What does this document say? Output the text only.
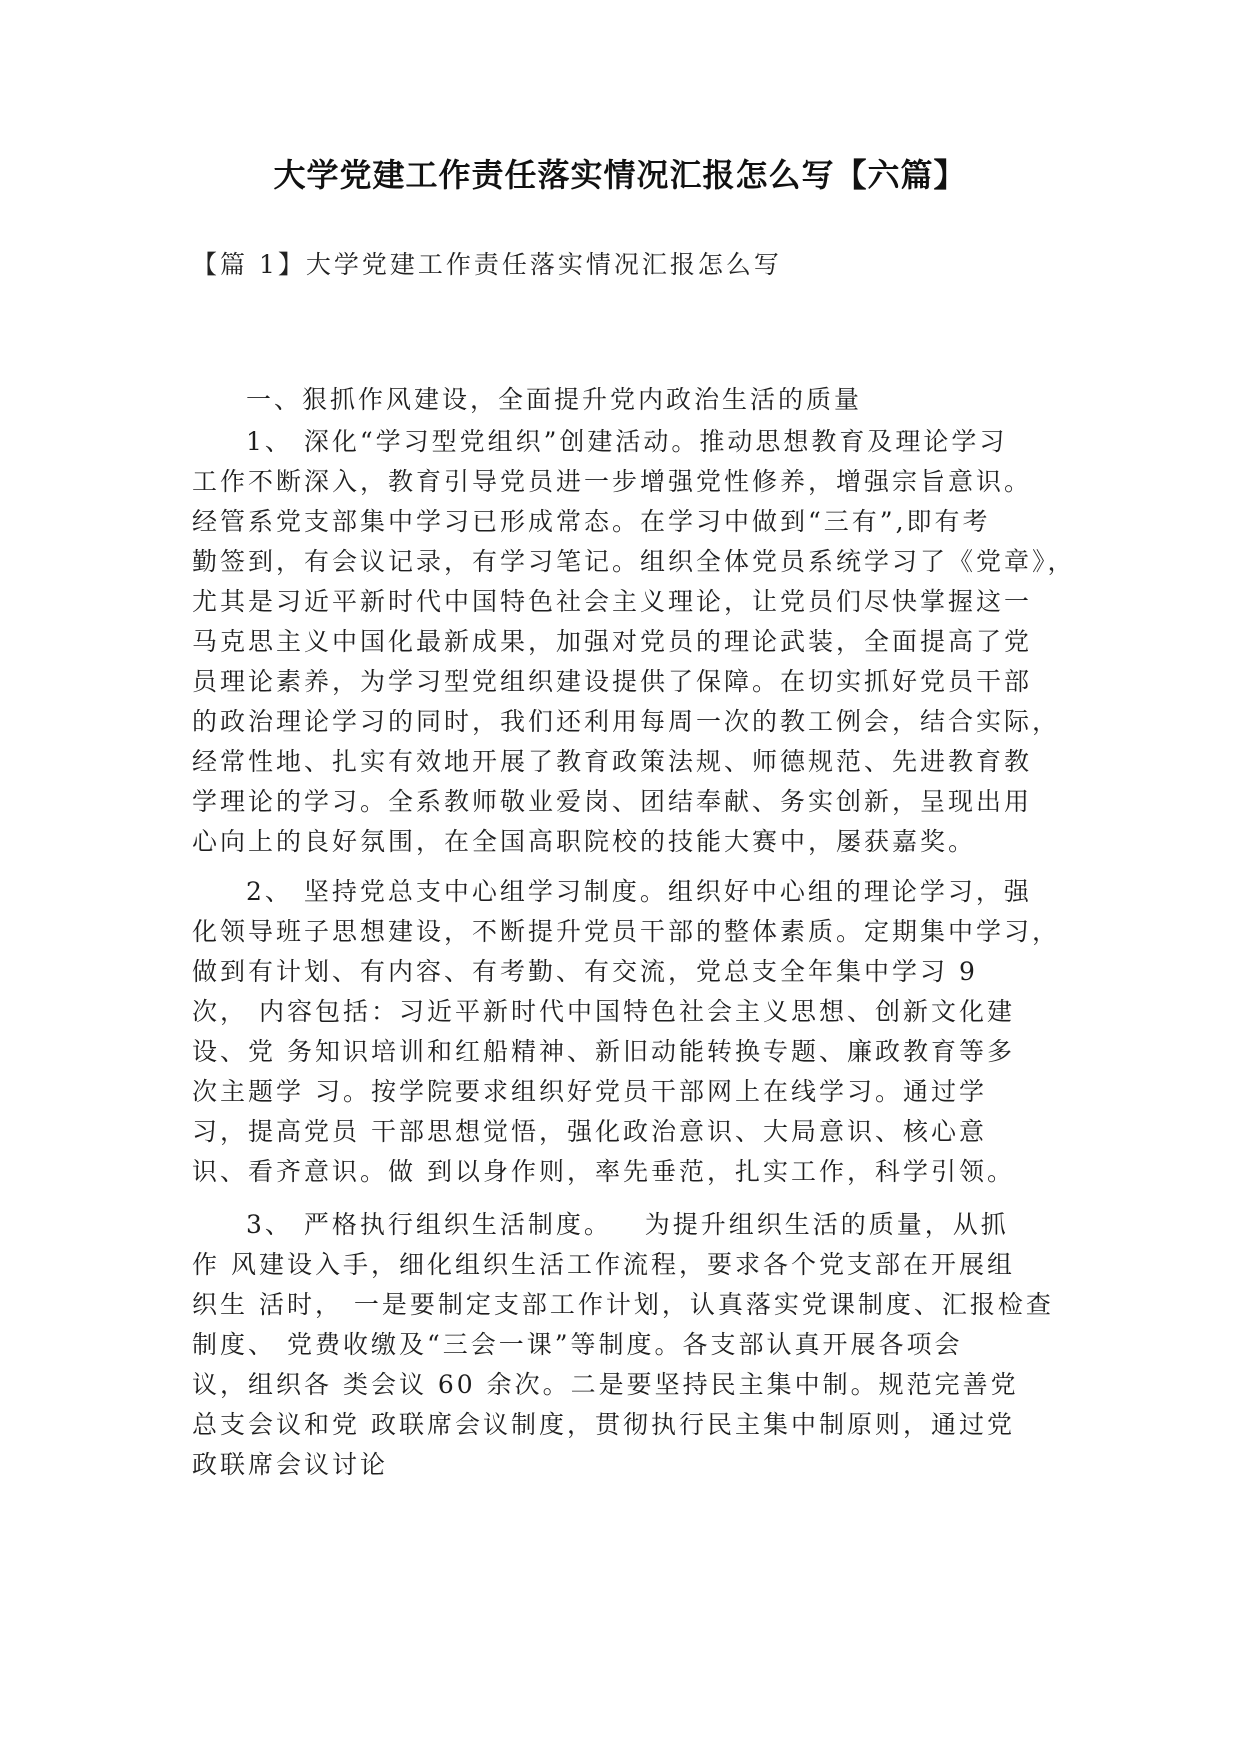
大学党建工作责任落实情况汇报怎么写【六篇】
【篇 1】大学党建工作责任落实情况汇报怎么写
一、狠抓作风建设，全面提升党内政治生活的质量
1、 深化“学习型党组织”创建活动。推动思想教育及理论学习
工作不断深入，教育引导党员进一步增强党性修养，增强宗旨意识。
经管系党支部集中学习已形成常态。在学习中做到“三有”,即有考
勤签到，有会议记录，有学习笔记。组织全体党员系统学习了《党章》，
尤其是习近平新时代中国特色社会主义理论，让党员们尽快掌握这一
马克思主义中国化最新成果，加强对党员的理论武装，全面提高了党
员理论素养，为学习型党组织建设提供了保障。在切实抓好党员干部
的政治理论学习的同时，我们还利用每周一次的教工例会，结合实际，
经常性地、扎实有效地开展了教育政策法规、师德规范、先进教育教
学理论的学习。全系教师敬业爱岗、团结奉献、务实创新，呈现出用
心向上的良好氛围，在全国高职院校的技能大赛中，屡获嘉奖。
2、 坚持党总支中心组学习制度。组织好中心组的理论学习，强
化领导班子思想建设，不断提升党员干部的整体素质。定期集中学习，
做到有计划、有内容、有考勤、有交流，党总支全年集中学习 9
次， 内容包括：习近平新时代中国特色社会主义思想、创新文化建
设、党 务知识培训和红船精神、新旧动能转换专题、廉政教育等多
次主题学 习。按学院要求组织好党员干部网上在线学习。通过学
习，提高党员 干部思想觉悟，强化政治意识、大局意识、核心意
识、看齐意识。做 到以身作则，率先垂范，扎实工作，科学引领。
3、 严格执行组织生活制度。   为提升组织生活的质量，从抓
作 风建设入手，细化组织生活工作流程，要求各个党支部在开展组
织生 活时， 一是要制定支部工作计划，认真落实党课制度、汇报检查
制度、 党费收缴及“三会一课”等制度。各支部认真开展各项会
议，组织各 类会议 60 余次。二是要坚持民主集中制。规范完善党
总支会议和党 政联席会议制度，贯彻执行民主集中制原则，通过党
政联席会议讨论
